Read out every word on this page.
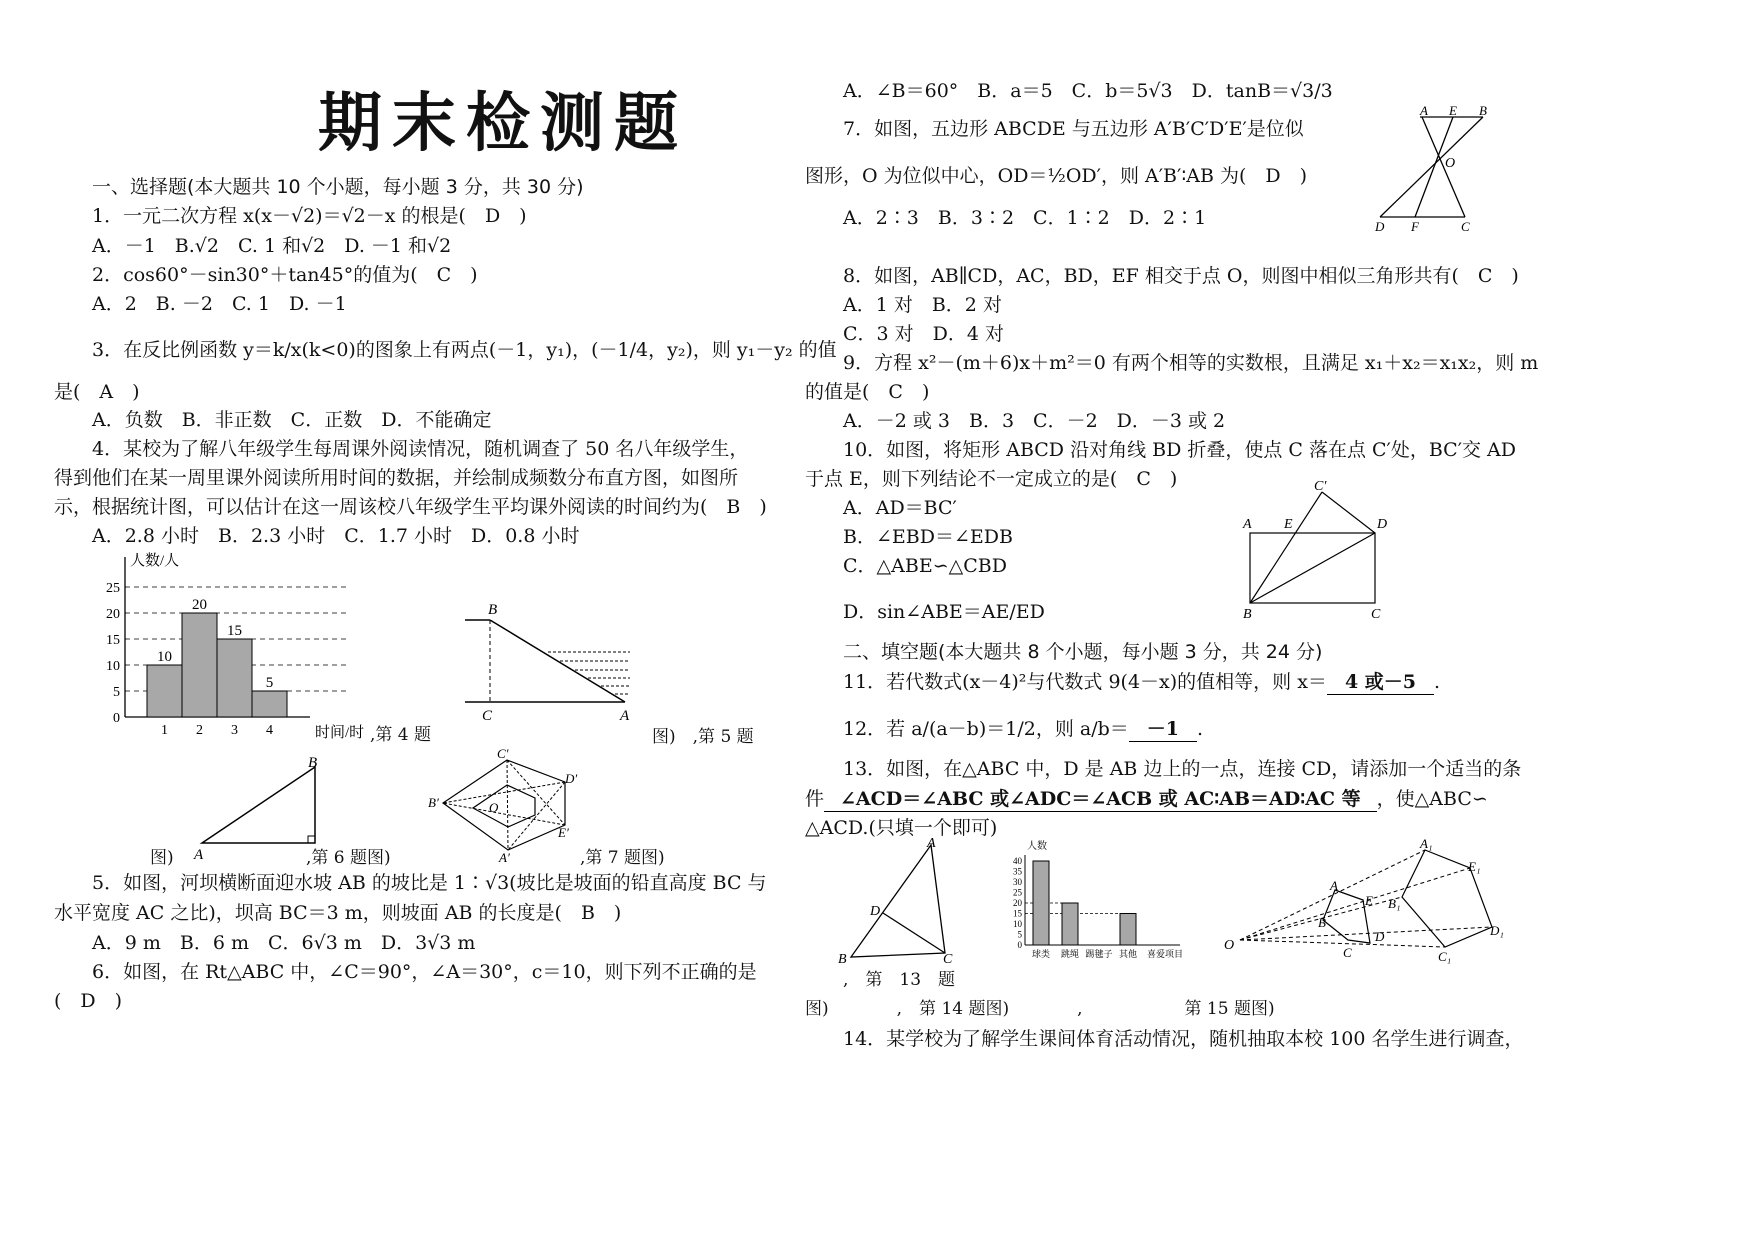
期末检测题
一、选择题(本大题共 10 个小题，每小题 3 分，共 30 分)
1．一元二次方程 x(x－√2)＝√2－x 的根是(　D　)
A．－1　B.√2　C. 1 和√2　D. －1 和√2
2．cos60°－sin30°＋tan45°的值为(　C　)
A．2　B. －2　C. 1　D. －1
3．在反比例函数 y＝k/x(k<0)的图象上有两点(－1，y₁)，(－1/4，y₂)，则 y₁－y₂ 的值
是(　A　)
A．负数　B．非正数　C．正数　D．不能确定
4．某校为了解八年级学生每周课外阅读情况，随机调查了 50 名八年级学生，
得到他们在某一周里课外阅读所用时间的数据，并绘制成频数分布直方图，如图所
示，根据统计图，可以估计在这一周该校八年级学生平均课外阅读的时间约为(　B　)
A．2.8 小时　B．2.3 小时　C．1.7 小时　D．0.8 小时
人数/人
时间/时
0
5
10
15
20
25
10
1
20
2
15
3
5
4	,第 4 题
B
C	A
图)　,第 5 题
B
A
图)	,第 6 题图)
C′
D′
B′
E′
A′
O
,第 7 题图)
5．如图，河坝横断面迎水坡 AB 的坡比是 1∶√3(坡比是坡面的铅直高度 BC 与
水平宽度 AC 之比)，坝高 BC＝3 m，则坡面 AB 的长度是(　B　)
A．9 m　B．6 m　C．6√3 m　D．3√3 m
6．如图，在 Rt△ABC 中，∠C＝90°，∠A＝30°，c＝10，则下列不正确的是
(　D　)
A．∠B＝60°　B．a＝5　C．b＝5√3　D．tanB＝√3/3
7．如图，五边形 ABCDE 与五边形 A′B′C′D′E′是位似
图形，O 为位似中心，OD＝½OD′，则 A′B′∶AB 为(　D　)
A．2∶3　B．3∶2　C．1∶2　D．2∶1
A E B
O
D F	C
8．如图，AB∥CD，AC，BD，EF 相交于点 O，则图中相似三角形共有(　C　)
A．1 对　B．2 对
C．3 对　D．4 对
9．方程 x²－(m＋6)x＋m²＝0 有两个相等的实数根，且满足 x₁＋x₂＝x₁x₂，则 m
的值是(　C　)
A．－2 或 3　B．3　C．－2　D．－3 或 2
10．如图，将矩形 ABCD 沿对角线 BD 折叠，使点 C 落在点 C′处，BC′交 AD
于点 E，则下列结论不一定成立的是(　C　)
A．AD＝BC′
B．∠EBD＝∠EDB
C．△ABE∽△CBD
D．sin∠ABE＝AE/ED
C′
A E	D
B	C
二、填空题(本大题共 8 个小题，每小题 3 分，共 24 分)
11．若代数式(x－4)²与代数式 9(4－x)的值相等，则 x＝ 4 或－5 .
12．若 a/(a－b)＝1/2，则 a/b＝ －1 .
13．如图，在△ABC 中，D 是 AB 边上的一点，连接 CD，请添加一个适当的条
件 ∠ACD＝∠ABC 或∠ADC＝∠ACB 或 AC∶AB＝AD∶AC 等 ，使△ABC∽
△ACD.(只填一个即可)
A
D
B	C
人数
0
5
10
15
20
25
30
35
40
球类 跳绳 踢毽子 其他 喜爱项目
O
A
E
B
C
D
A₁
E₁
B₁
D₁
C₁
,　第　13　题
图)　　　　,　第 14 题图)　　　　,　　　　　　第 15 题图)
14．某学校为了解学生课间体育活动情况，随机抽取本校 100 名学生进行调查，
